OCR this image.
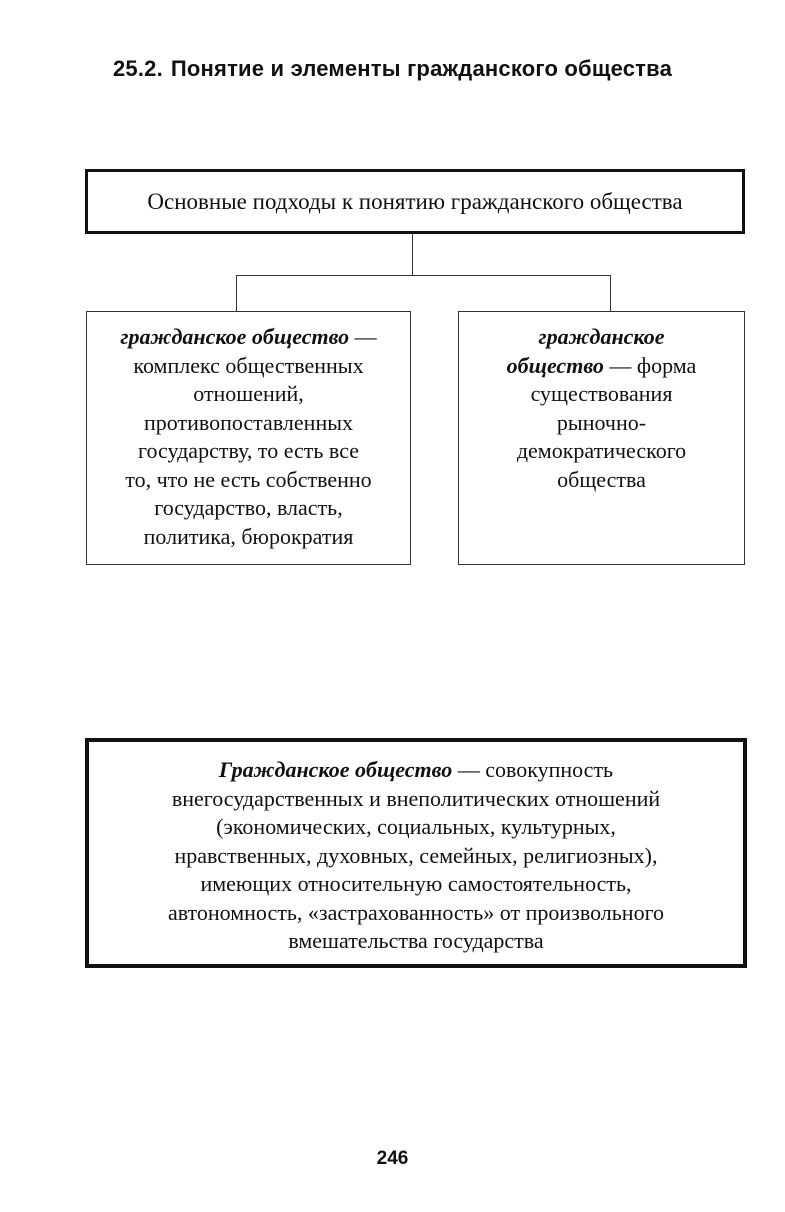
25.2. Понятие и элементы гражданского общества
Основные подходы к понятию гражданского общества
гражданское общество —
комплекс общественных
отношений,
противопоставленных
государству, то есть все
то, что не есть собственно
государство, власть,
политика, бюрократия
гражданское
общество — форма
существования
рыночно-
демократического
общества
Гражданское общество — совокупность
внегосударственных и внеполитических отношений
(экономических, социальных, культурных,
нравственных, духовных, семейных, религиозных),
имеющих относительную самостоятельность,
автономность, «застрахованность» от произвольного
вмешательства государства
246
